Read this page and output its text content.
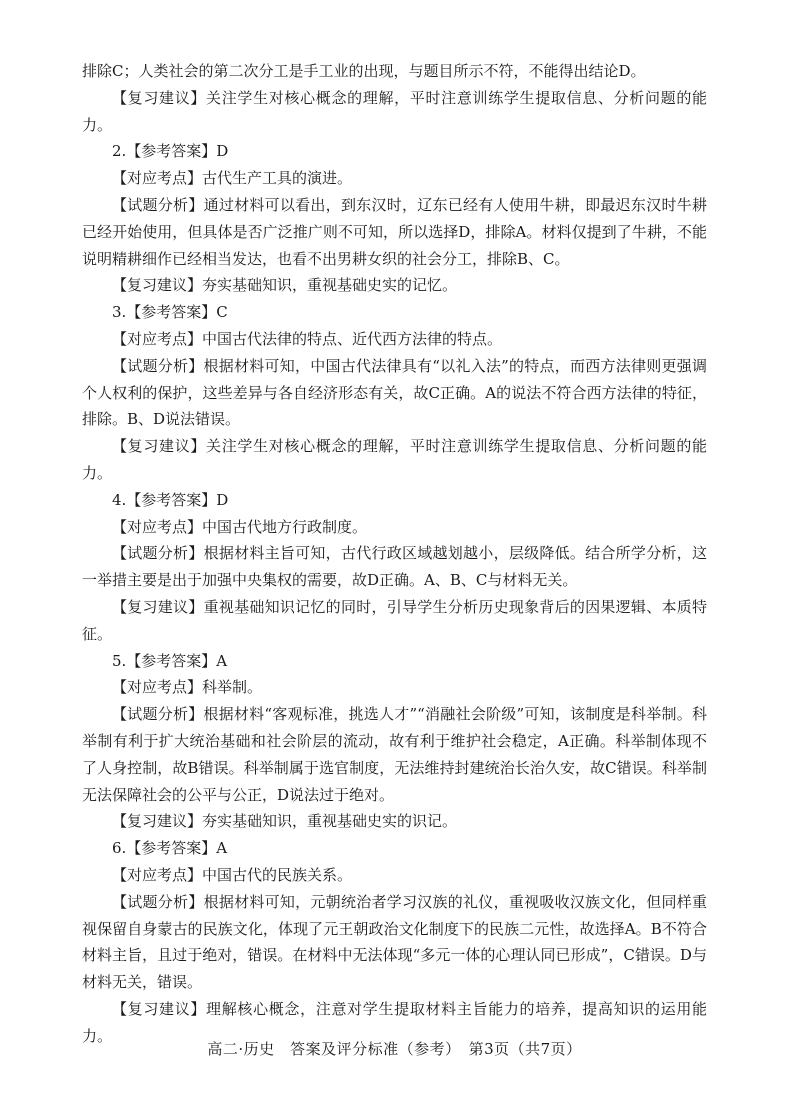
排除C；人类社会的第二次分工是手工业的出现，与题目所示不符，不能得出结论D。

【复习建议】关注学生对核心概念的理解，平时注意训练学生提取信息、分析问题的能力。

2.【参考答案】D

【对应考点】古代生产工具的演进。

【试题分析】通过材料可以看出，到东汉时，辽东已经有人使用牛耕，即最迟东汉时牛耕已经开始使用，但具体是否广泛推广则不可知，所以选择D，排除A。材料仅提到了牛耕，不能说明精耕细作已经相当发达，也看不出男耕女织的社会分工，排除B、C。

【复习建议】夯实基础知识，重视基础史实的记忆。

3.【参考答案】C

【对应考点】中国古代法律的特点、近代西方法律的特点。

【试题分析】根据材料可知，中国古代法律具有“以礼入法”的特点，而西方法律则更强调个人权利的保护，这些差异与各自经济形态有关，故C正确。A的说法不符合西方法律的特征，排除。B、D说法错误。

【复习建议】关注学生对核心概念的理解，平时注意训练学生提取信息、分析问题的能力。

4.【参考答案】D

【对应考点】中国古代地方行政制度。

【试题分析】根据材料主旨可知，古代行政区域越划越小，层级降低。结合所学分析，这一举措主要是出于加强中央集权的需要，故D正确。A、B、C与材料无关。

【复习建议】重视基础知识记忆的同时，引导学生分析历史现象背后的因果逻辑、本质特征。

5.【参考答案】A

【对应考点】科举制。

【试题分析】根据材料“客观标准，挑选人才”“消融社会阶级”可知，该制度是科举制。科举制有利于扩大统治基础和社会阶层的流动，故有利于维护社会稳定，A正确。科举制体现不了人身控制，故B错误。科举制属于选官制度，无法维持封建统治长治久安，故C错误。科举制无法保障社会的公平与公正，D说法过于绝对。

【复习建议】夯实基础知识，重视基础史实的识记。

6.【参考答案】A

【对应考点】中国古代的民族关系。

【试题分析】根据材料可知，元朝统治者学习汉族的礼仪，重视吸收汉族文化，但同样重视保留自身蒙古的民族文化，体现了元王朝政治文化制度下的民族二元性，故选择A。B不符合材料主旨，且过于绝对，错误。在材料中无法体现“多元一体的心理认同已形成”，C错误。D与材料无关，错误。

【复习建议】理解核心概念，注意对学生提取材料主旨能力的培养，提高知识的运用能力。

高二·历史　答案及评分标准（参考）　第3页（共7页）
